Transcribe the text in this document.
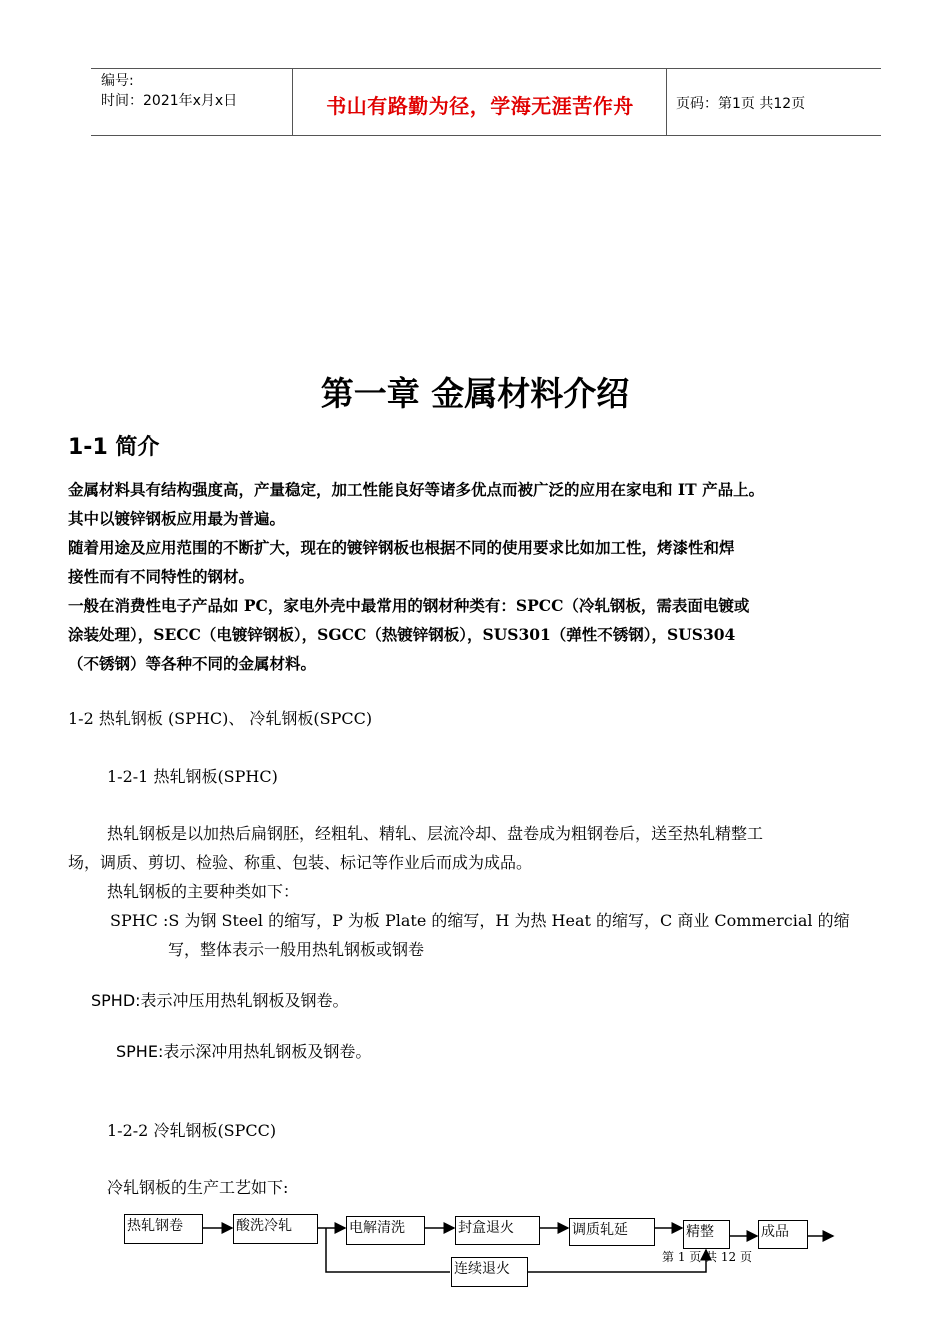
编号:
时间：2021年x月x日	书山有路勤为径，学海无涯苦作舟	页码：第1页 共12页
第一章 金属材料介绍
1-1 简介
金属材料具有结构强度高，产量稳定，加工性能良好等诸多优点而被广泛的应用在家电和 IT 产品上。
其中以镀锌钢板应用最为普遍。
随着用途及应用范围的不断扩大，现在的镀锌钢板也根据不同的使用要求比如加工性，烤漆性和焊
接性而有不同特性的钢材。
一般在消费性电子产品如 PC，家电外壳中最常用的钢材种类有：SPCC（冷轧钢板，需表面电镀或
涂装处理），SECC（电镀锌钢板），SGCC（热镀锌钢板），SUS301（弹性不锈钢），SUS304
（不锈钢）等各种不同的金属材料。
1-2 热轧钢板 (SPHC)、 冷轧钢板(SPCC)
1-2-1 热轧钢板(SPHC)
热轧钢板是以加热后扁钢胚，经粗轧、精轧、层流冷却、盘卷成为粗钢卷后，送至热轧精整工
场，调质、剪切、检验、称重、包装、标记等作业后而成为成品。
热轧钢板的主要种类如下：
SPHC :S 为钢 Steel 的缩写，P 为板 Plate 的缩写，H 为热 Heat 的缩写，C 商业 Commercial 的缩
写，整体表示一般用热轧钢板或钢卷
SPHD:表示冲压用热轧钢板及钢卷。
SPHE:表示深冲用热轧钢板及钢卷。
1-2-2 冷轧钢板(SPCC)
冷轧钢板的生产工艺如下:
热轧钢卷	酸洗冷轧	电解清洗	封盒退火	调质轧延	精整	成品
连续退火
第 1 页 共 12 页
